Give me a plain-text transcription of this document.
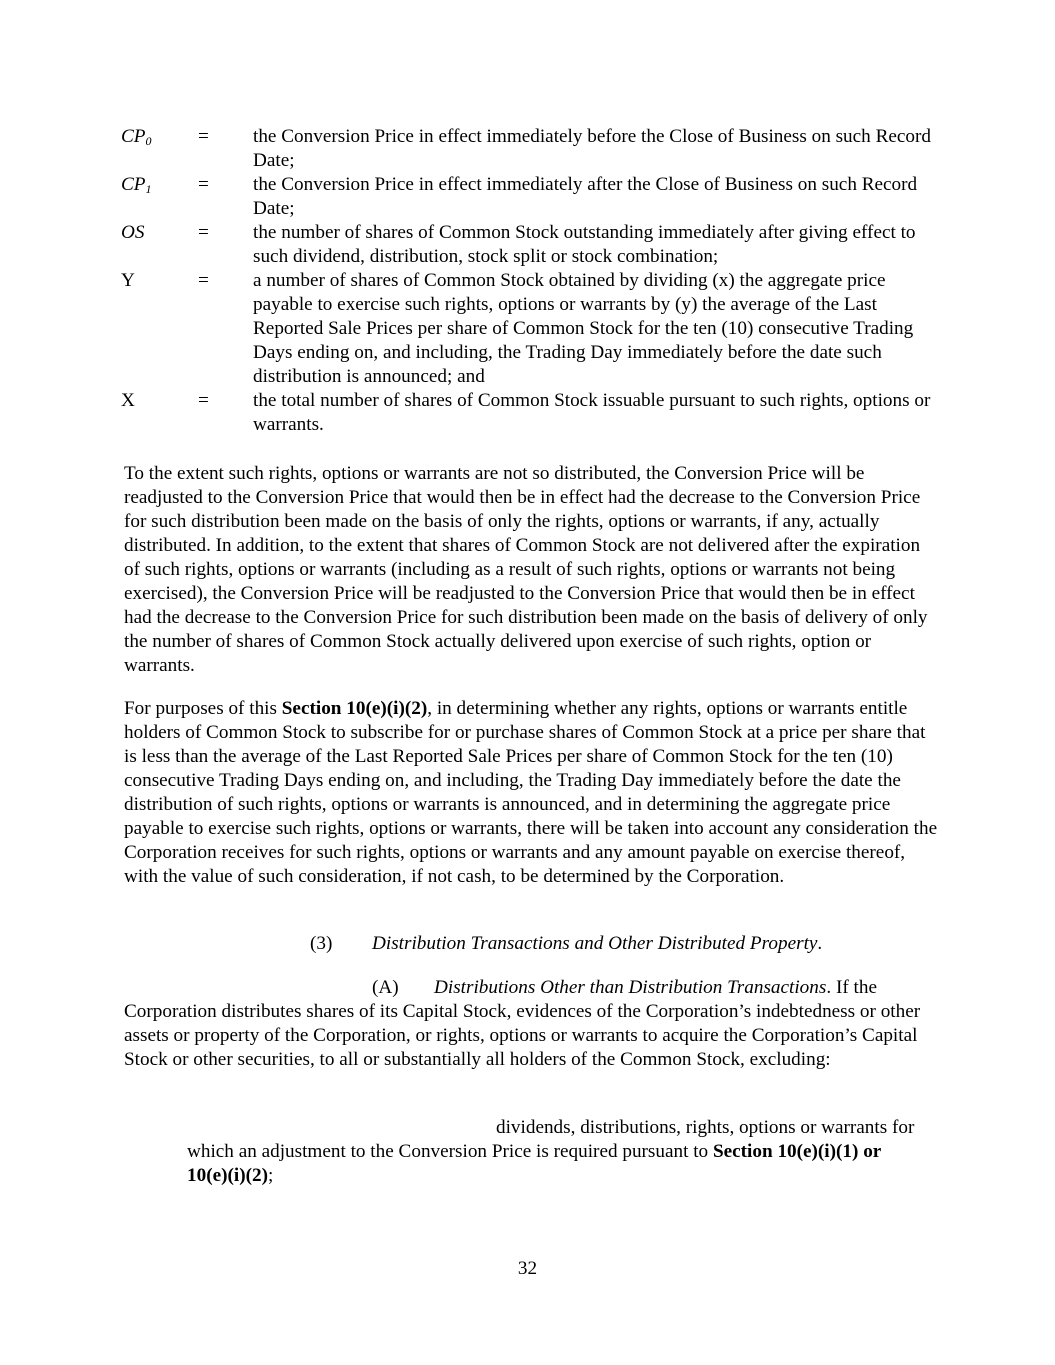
$CP_0$ = the Conversion Price in effect immediately before the Close of Business on such Record Date;
$CP_1$ = the Conversion Price in effect immediately after the Close of Business on such Record Date;
OS	= the number of shares of Common Stock outstanding immediately after giving effect to such dividend, distribution, stock split or stock combination;
Y	= a number of shares of Common Stock obtained by dividing (x) the aggregate price payable to exercise such rights, options or warrants by (y) the average of the Last Reported Sale Prices per share of Common Stock for the ten (10) consecutive Trading Days ending on, and including, the Trading Day immediately before the date such distribution is announced; and
X	= the total number of shares of Common Stock issuable pursuant to such rights, options or warrants.

To the extent such rights, options or warrants are not so distributed, the Conversion Price will be readjusted to the Conversion Price that would then be in effect had the decrease to the Conversion Price for such distribution been made on the basis of only the rights, options or warrants, if any, actually distributed. In addition, to the extent that shares of Common Stock are not delivered after the expiration of such rights, options or warrants (including as a result of such rights, options or warrants not being exercised), the Conversion Price will be readjusted to the Conversion Price that would then be in effect had the decrease to the Conversion Price for such distribution been made on the basis of delivery of only the number of shares of Common Stock actually delivered upon exercise of such rights, option or warrants.

For purposes of this Section 10(e)(i)(2), in determining whether any rights, options or warrants entitle holders of Common Stock to subscribe for or purchase shares of Common Stock at a price per share that is less than the average of the Last Reported Sale Prices per share of Common Stock for the ten (10) consecutive Trading Days ending on, and including, the Trading Day immediately before the date the distribution of such rights, options or warrants is announced, and in determining the aggregate price payable to exercise such rights, options or warrants, there will be taken into account any consideration the Corporation receives for such rights, options or warrants and any amount payable on exercise thereof, with the value of such consideration, if not cash, to be determined by the Corporation.

(3) Distribution Transactions and Other Distributed Property.

(A) Distributions Other than Distribution Transactions. If the Corporation distributes shares of its Capital Stock, evidences of the Corporation’s indebtedness or other assets or property of the Corporation, or rights, options or warrants to acquire the Corporation’s Capital Stock or other securities, to all or substantially all holders of the Common Stock, excluding:

dividends, distributions, rights, options or warrants for which an adjustment to the Conversion Price is required pursuant to Section 10(e)(i)(1) or 10(e)(i)(2);

32
